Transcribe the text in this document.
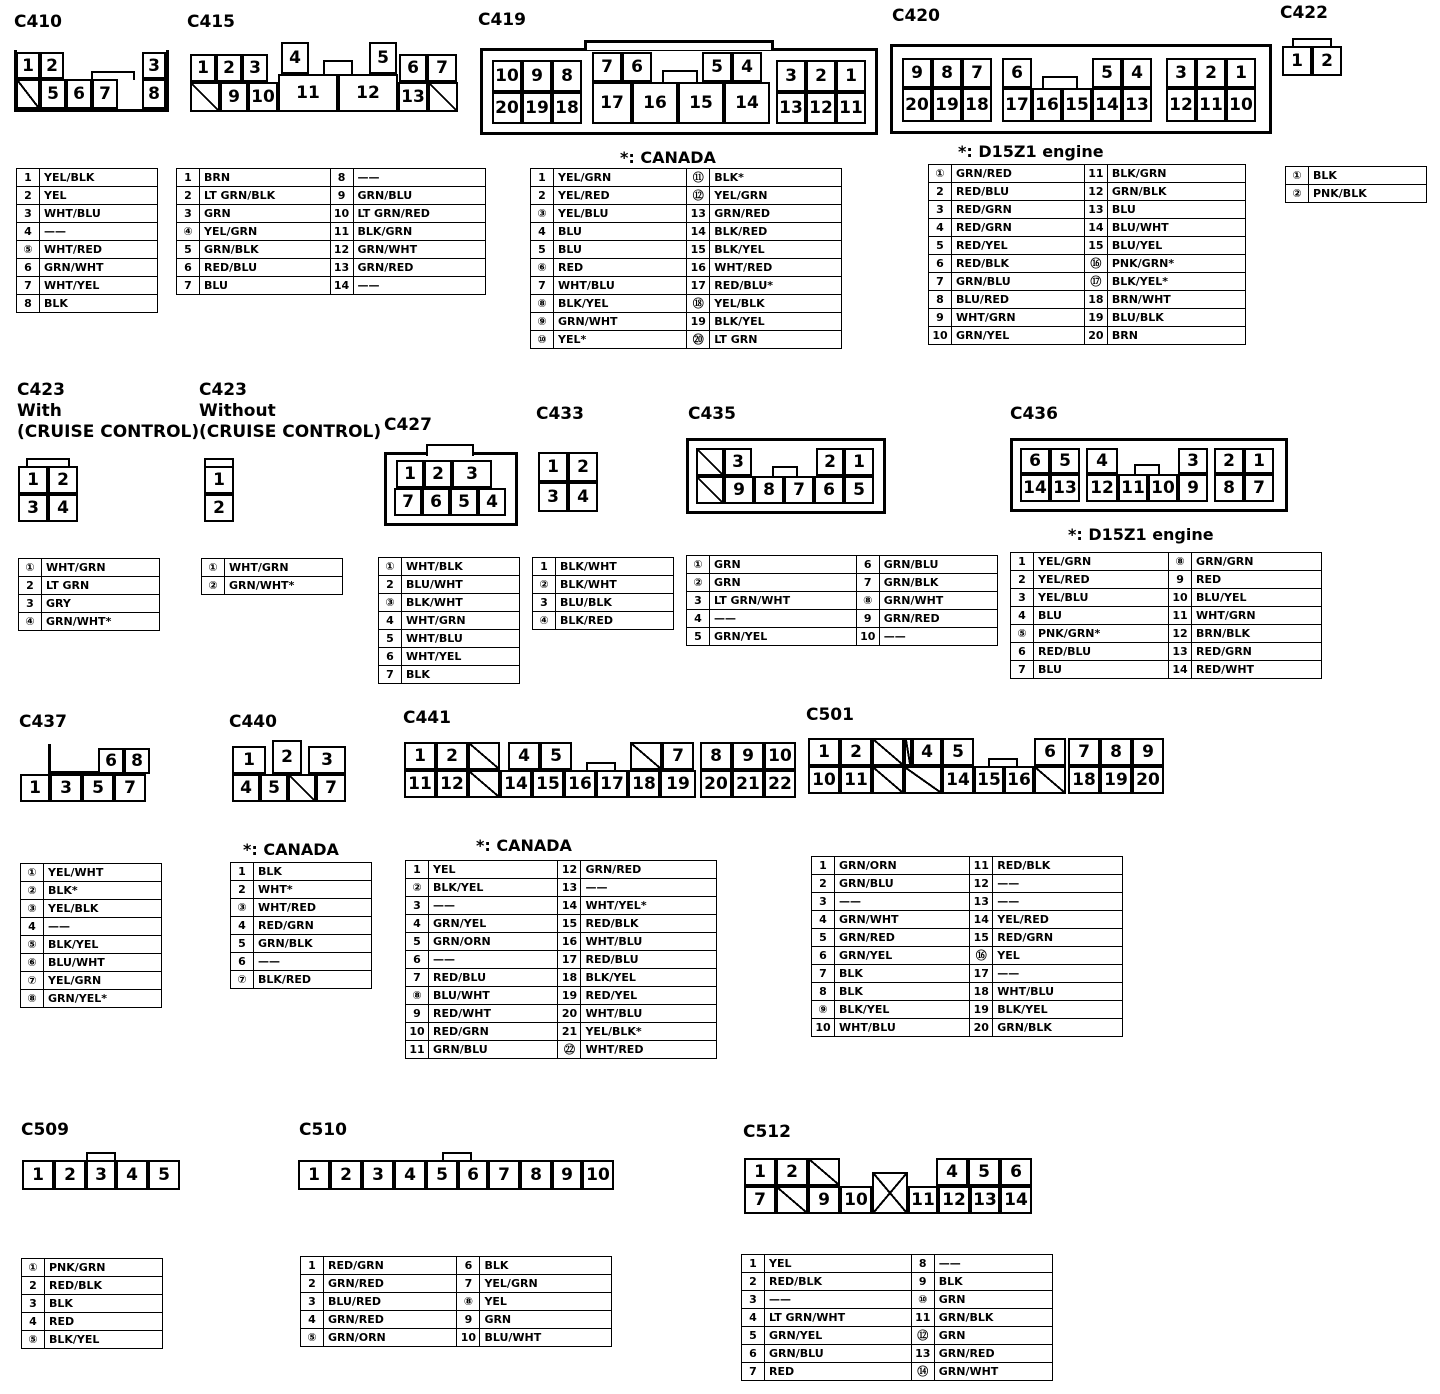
C410	C415	C419	C420	C422
C423
With
(CRUISE CONTROL)
C423
Without
(CRUISE CONTROL) C427
C433	C435	C436
C437	C440	C441	C501
C509	C510	C512
*: CANADA	*: D15Z1 engine
*: D15Z1 engine
*: CANADA	*: CANADA
1 2	3
5 6 7	8
4	5
1 2 3	6	7
9 10	11	12	13
10 9	8
20 19 18
7	6	5	4
17	16	15	14
3	2	1
13 12 11
9	8	7	6	5	4	3	2	1
20 19 18 17 16 15 14 13 12 11 10
1	2
1	2
3	4
1
2
1 2	3
7 6 5 4
1	2
3	4
3	2	1
9	8	7	6	5
6	5	4	3	2	1
14 13 12 11 10 9	8	7
6 8
1	3	5	7
1	2	3
4 5	7
1	2	4	5	7	8	9 10
11 12 14 15 16 17 18 19 20 21 22
1	2	4	5	6	7	8	9
10 11	14 15 16 18 19 20
1	2	3	4	5	1	2	3	4	5	6	7	8	9 10	1	2	4	5	6
7	9 10	11 12 13 14
1	YEL/BLK
2	YEL
3	WHT/BLU
4	——
⑤	WHT/RED
6	GRN/WHT
7	WHT/YEL
8	BLK
1	BRN	8	——
2	LT GRN/BLK	9	GRN/BLU
3	GRN	10	LT GRN/RED
④	YEL/GRN	11	BLK/GRN
5	GRN/BLK	12	GRN/WHT
6	RED/BLU	13	GRN/RED
7	BLU	14	——
1	YEL/GRN	⑪	BLK*
2	YEL/RED	⑫	YEL/GRN
③	YEL/BLU	13	GRN/RED
4	BLU	14	BLK/RED
5	BLU	15	BLK/YEL
⑥	RED	16	WHT/RED
7	WHT/BLU	17	RED/BLU*
⑧	BLK/YEL	⑱	YEL/BLK
⑨	GRN/WHT	19	BLK/YEL
⑩	YEL*	⑳	LT GRN
①	GRN/RED	11	BLK/GRN
2	RED/BLU	12	GRN/BLK
3	RED/GRN	13	BLU
4	RED/GRN	14	BLU/WHT
5	RED/YEL	15	BLU/YEL
6	RED/BLK	⑯	PNK/GRN*
7	GRN/BLU	⑰	BLK/YEL*
8	BLU/RED	18	BRN/WHT
9	WHT/GRN	19	BLU/BLK
10	GRN/YEL	20	BRN
①	BLK
②	PNK/BLK
①	WHT/GRN
2	LT GRN
3	GRY
④	GRN/WHT*
①	WHT/GRN
②	GRN/WHT*
①	WHT/BLK
2	BLU/WHT
③	BLK/WHT
4	WHT/GRN
5	WHT/BLU
6	WHT/YEL
7	BLK
1	BLK/WHT
②	BLK/WHT
3	BLU/BLK
④	BLK/RED
①	GRN	6	GRN/BLU
②	GRN	7	GRN/BLK
3	LT GRN/WHT	⑧	GRN/WHT
4	——	9	GRN/RED
5	GRN/YEL	10	——
1	YEL/GRN	⑧	GRN/GRN
2	YEL/RED	9	RED
3	YEL/BLU	10	BLU/YEL
4	BLU	11	WHT/GRN
⑤	PNK/GRN*	12	BRN/BLK
6	RED/BLU	13	RED/GRN
7	BLU	14	RED/WHT
①	YEL/WHT
②	BLK*
③	YEL/BLK
4	——
⑤	BLK/YEL
⑥	BLU/WHT
⑦	YEL/GRN
⑧	GRN/YEL*
1	BLK
2	WHT*
③	WHT/RED
4	RED/GRN
5	GRN/BLK
6	——
⑦	BLK/RED
1	YEL	12	GRN/RED
②	BLK/YEL	13	——
3	——	14	WHT/YEL*
4	GRN/YEL	15	RED/BLK
5	GRN/ORN	16	WHT/BLU
6	——	17	RED/BLU
7	RED/BLU	18	BLK/YEL
⑧	BLU/WHT	19	RED/YEL
9	RED/WHT	20	WHT/BLU
10	RED/GRN	21	YEL/BLK*
11	GRN/BLU	㉒	WHT/RED
1	GRN/ORN	11	RED/BLK
2	GRN/BLU	12	——
3	——	13	——
4	GRN/WHT	14	YEL/RED
5	GRN/RED	15	RED/GRN
6	GRN/YEL	⑯	YEL
7	BLK	17	——
8	BLK	18	WHT/BLU
⑨	BLK/YEL	19	BLK/YEL
10	WHT/BLU	20	GRN/BLK
①	PNK/GRN
2	RED/BLK
3	BLK
4	RED
⑤	BLK/YEL
1	RED/GRN	6	BLK
2	GRN/RED	7	YEL/GRN
3	BLU/RED	⑧	YEL
4	GRN/RED	9	GRN
⑤	GRN/ORN	10	BLU/WHT
1	YEL	8	——
2	RED/BLK	9	BLK
3	——	⑩	GRN
4	LT GRN/WHT	11	GRN/BLK
5	GRN/YEL	⑫	GRN
6	GRN/BLU	13	GRN/RED
7	RED	⑭	GRN/WHT
